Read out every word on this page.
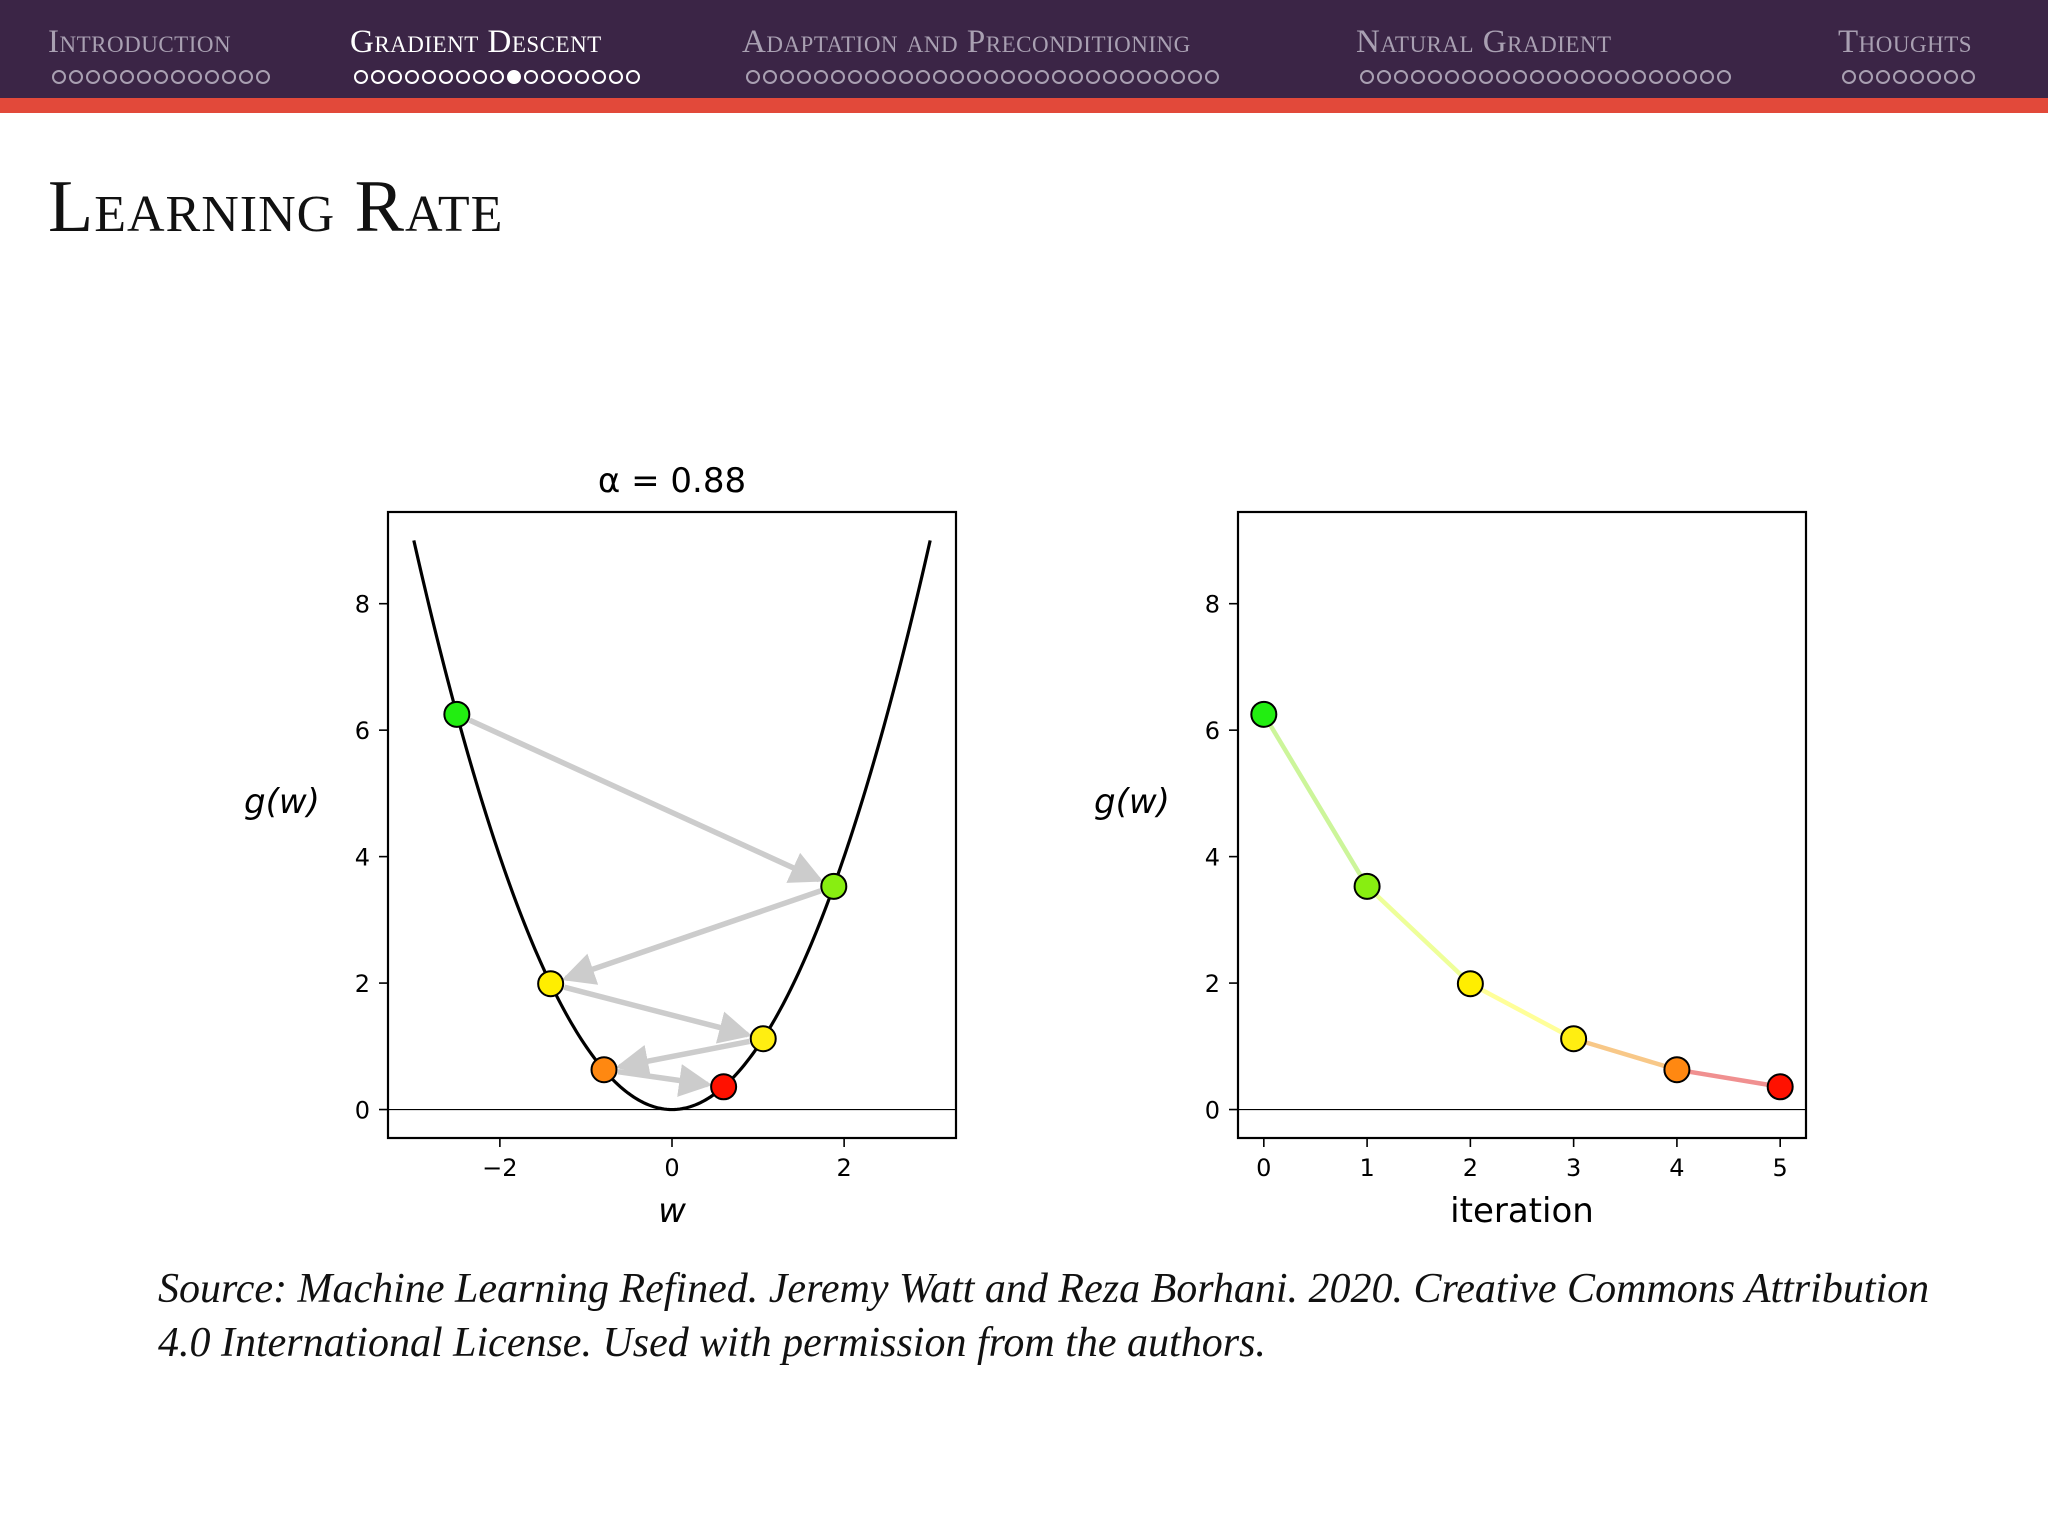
Introduction	Gradient Descent	Adaptation and Preconditioning	Natural Gradient	Thoughts
Learning Rate
−2	0	2
0
2
4
6
8
w
g(w)
α = 0.88
0	1	2	3	4	5
0
2
4
6
8
iteration
g(w)

Source: Machine Learning Refined. Jeremy Watt and Reza Borhani. 2020. Creative Commons Attribution 4.0 International License. Used with permission from the authors.
